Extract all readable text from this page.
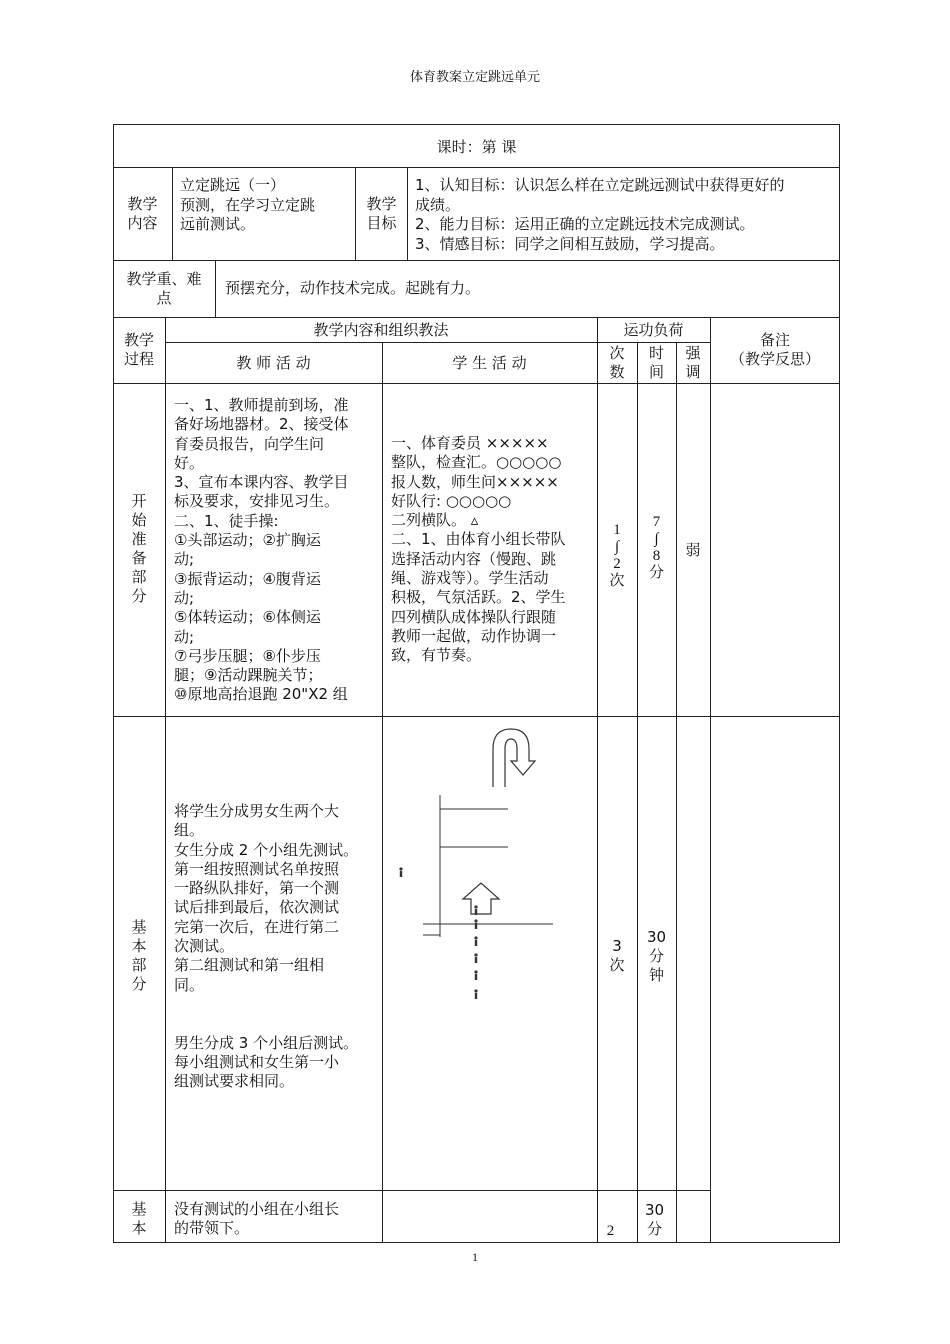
体育教案立定跳远单元
课时：第 课
教学
内容
立定跳远（一）
预测，在学习立定跳
远前测试。
教学
目标
1、认知目标：认识怎么样在立定跳远测试中获得更好的
成绩。
2、能力目标：运用正确的立定跳远技术完成测试。
3、情感目标：同学之间相互鼓励，学习提高。
教学重、难
点
预摆充分，动作技术完成。起跳有力。
教学
过程
教学内容和组织教法
教 师 活 动	学 生 活 动
运功负荷
次
数
时
间
强
调
备注
（教学反思）
开
始
准
备
部
分
一、1、教师提前到场，准
备好场地器材。2、接受体
育委员报告，向学生问
好。
3、宣布本课内容、教学目
标及要求，安排见习生。
二、1、徒手操:
①头部运动；②扩胸运
动;
③振背运动；④腹背运
动;
⑤体转运动；⑥体侧运
动;
⑦弓步压腿；⑧仆步压
腿；⑨活动踝腕关节；
⑩原地高抬退跑 20"X2 组
一、体育委员 ×××××
整队，检查汇。○○○○○
报人数，师生问×××××
好队行: ○○○○○
二列横队。 ▵
二、1、由体育小组长带队
选择活动内容（慢跑、跳
绳、游戏等）。学生活动
积极，气氛活跃。2、学生
四列横队成体操队行跟随
教师一起做，动作协调一
致，有节奏。
1
∫
2
次
7
∫
8
分
弱
基
本
部
分
将学生分成男女生两个大
组。
女生分成 2 个小组先测试。
第一组按照测试名单按照
一路纵队排好，第一个测
试后排到最后，依次测试
完第一次后，在进行第二
次测试。
第二组测试和第一组相
同。

男生分成 3 个小组后测试。
每小组测试和女生第一小
组测试要求相同。
3
次
30
分
钟
基
本
没有测试的小组在小组长
的带领下。	2
30
分
1
